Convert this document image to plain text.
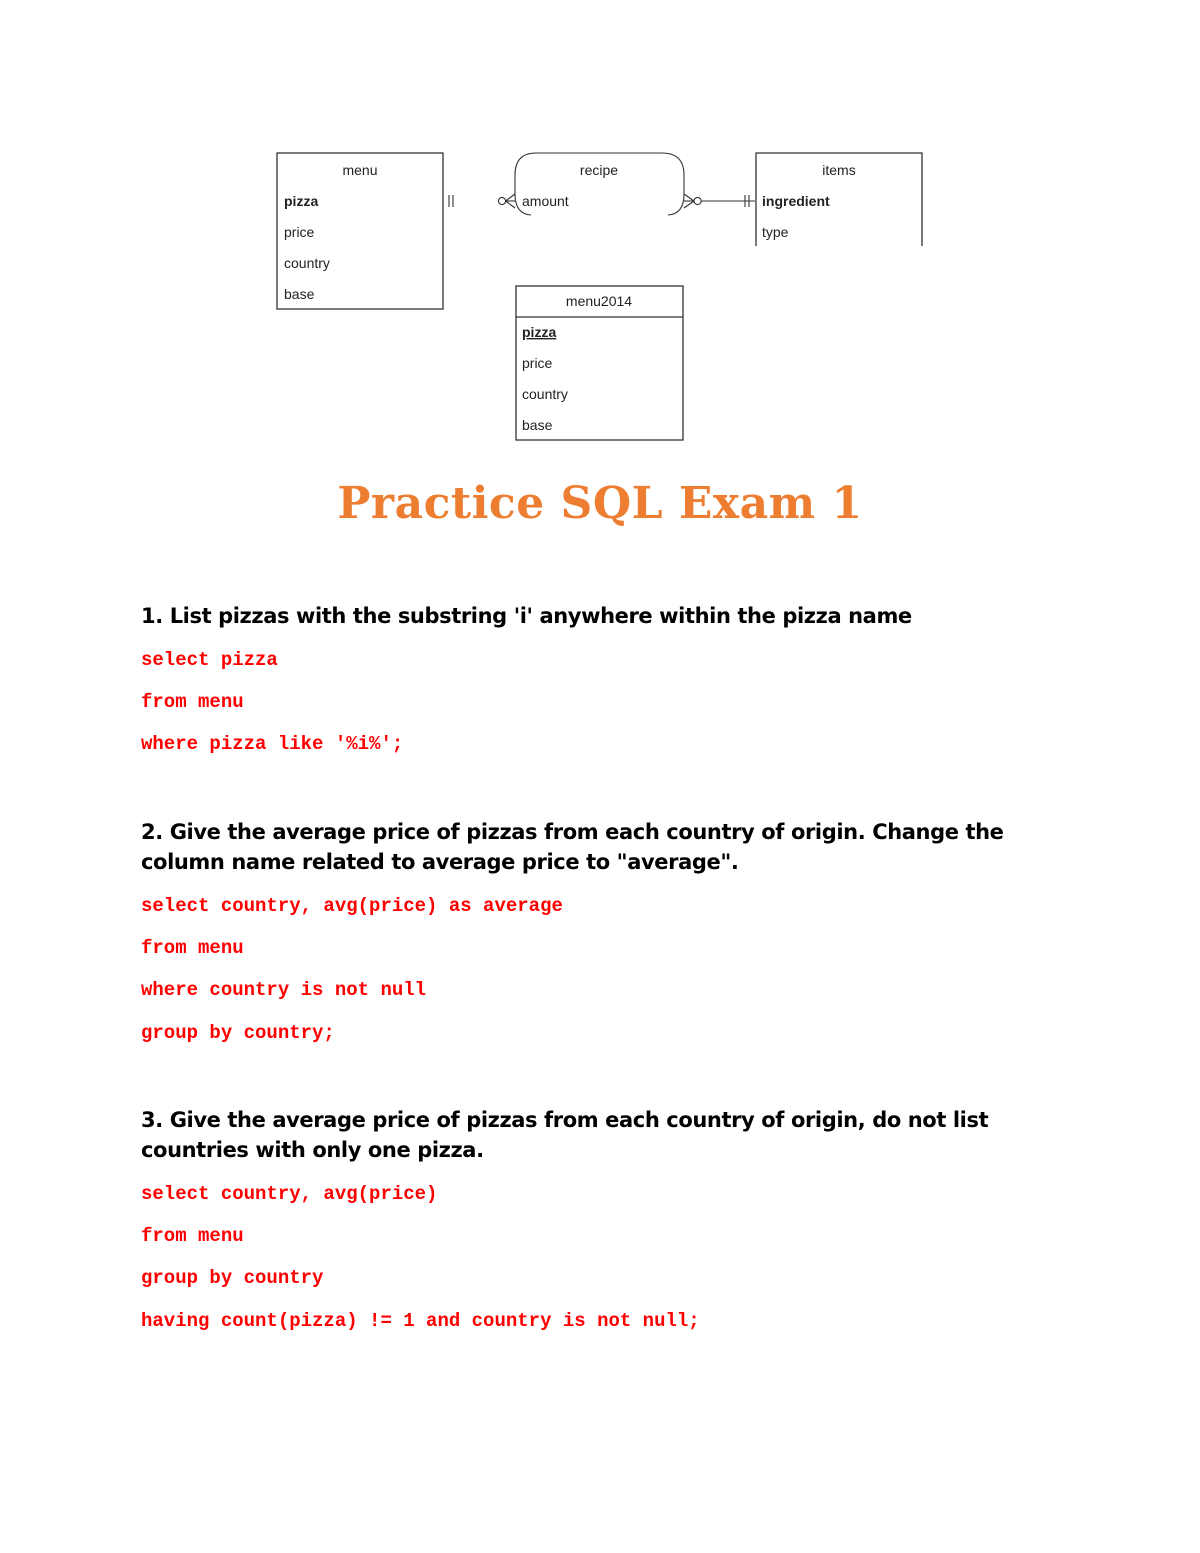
menu
pizza
price
country
base
recipe
amount
items
ingredient
type
menu2014
pizza
price
country
base
Practice SQL Exam 1

1. List pizzas with the substring 'i' anywhere within the pizza name

select pizza

from menu

where pizza like '%i%';

2. Give the average price of pizzas from each country of origin. Change the column name related to average price to "average".

select country, avg(price) as average

from menu

where country is not null

group by country;

3. Give the average price of pizzas from each country of origin, do not list countries with only one pizza.

select country, avg(price)

from menu

group by country

having count(pizza) != 1 and country is not null;
